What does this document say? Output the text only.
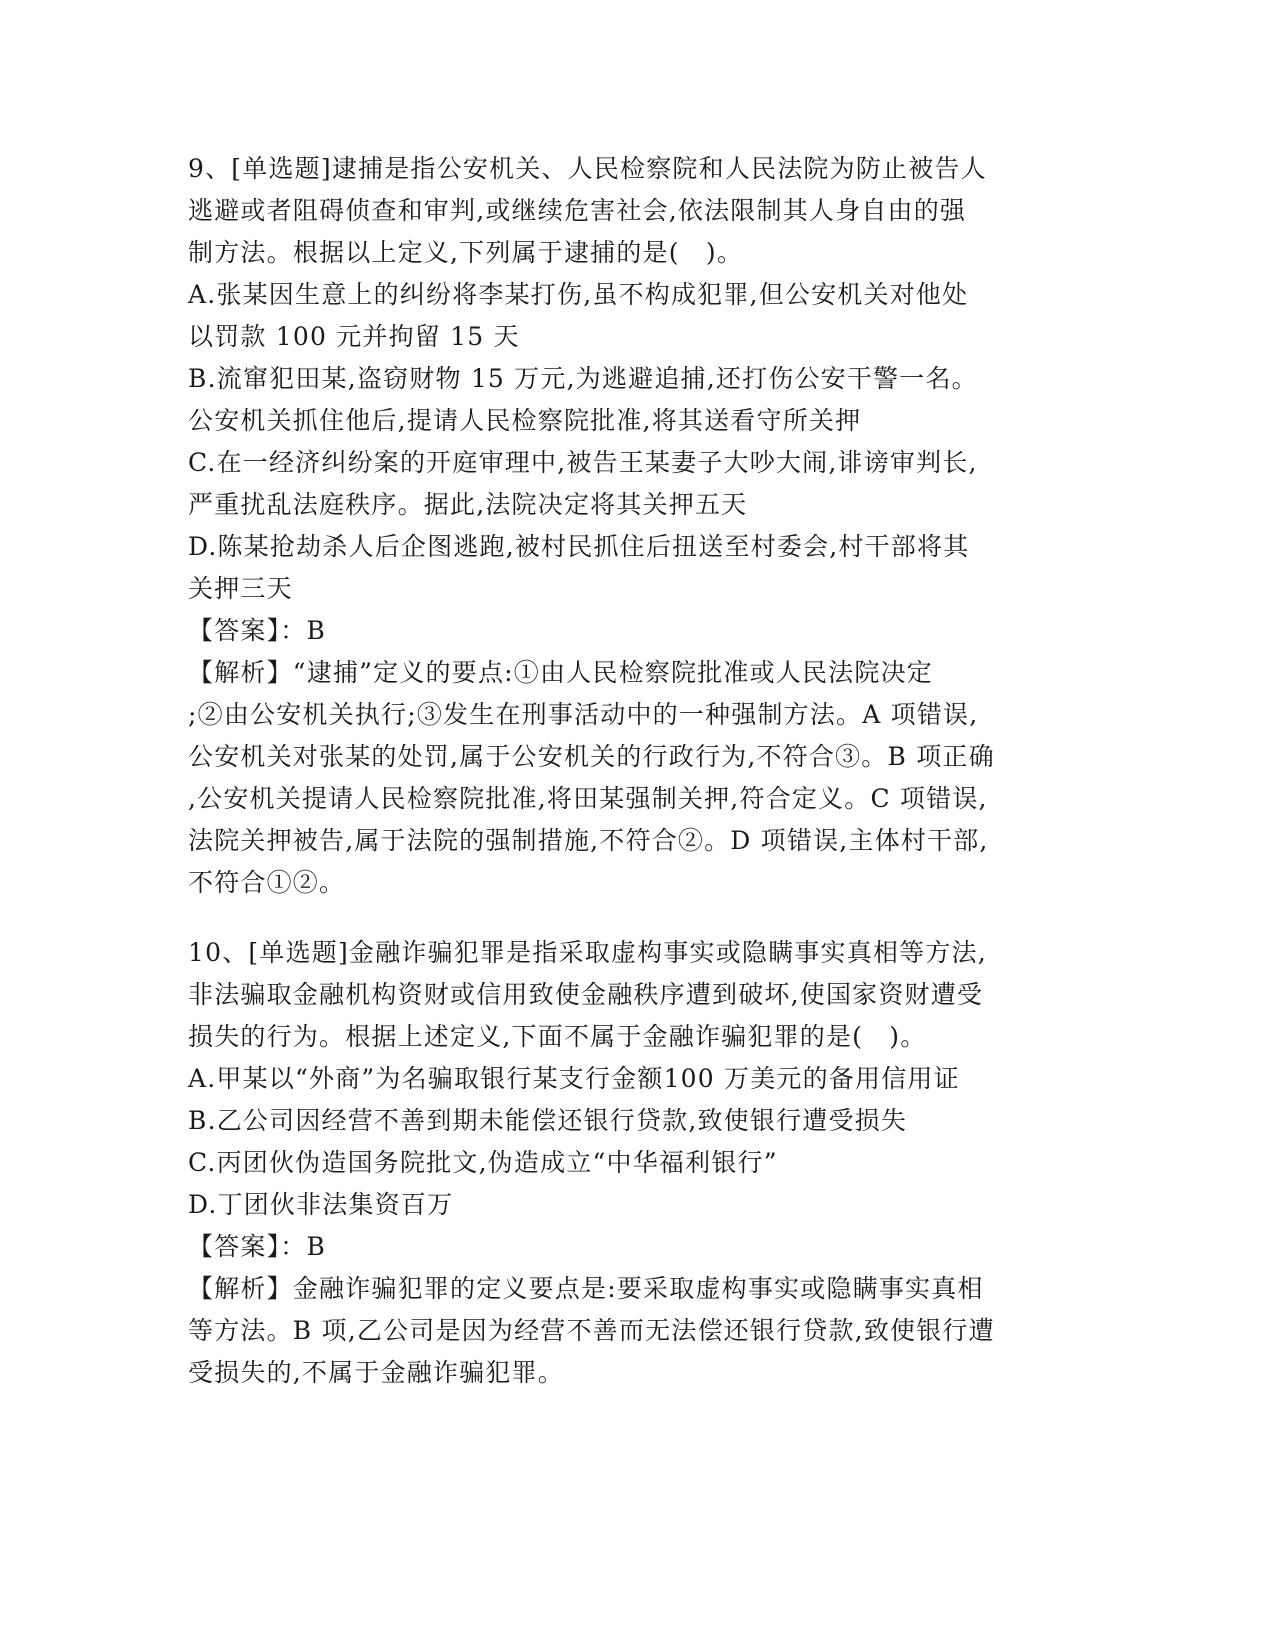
9、[单选题]逮捕是指公安机关、人民检察院和人民法院为防止被告人
逃避或者阻碍侦查和审判,或继续危害社会,依法限制其人身自由的强
制方法。根据以上定义,下列属于逮捕的是(　)。
A.张某因生意上的纠纷将李某打伤,虽不构成犯罪,但公安机关对他处
以罚款 100 元并拘留 15 天
B.流窜犯田某,盗窃财物 15 万元,为逃避追捕,还打伤公安干警一名。
公安机关抓住他后,提请人民检察院批准,将其送看守所关押
C.在一经济纠纷案的开庭审理中,被告王某妻子大吵大闹,诽谤审判长,
严重扰乱法庭秩序。据此,法院决定将其关押五天
D.陈某抢劫杀人后企图逃跑,被村民抓住后扭送至村委会,村干部将其
关押三天
【答案】：B
【解析】“逮捕”定义的要点:①由人民检察院批准或人民法院决定
;②由公安机关执行;③发生在刑事活动中的一种强制方法。A 项错误,
公安机关对张某的处罚,属于公安机关的行政行为,不符合③。B 项正确
,公安机关提请人民检察院批准,将田某强制关押,符合定义。C 项错误,
法院关押被告,属于法院的强制措施,不符合②。D 项错误,主体村干部,
不符合①②。
10、[单选题]金融诈骗犯罪是指采取虚构事实或隐瞒事实真相等方法,
非法骗取金融机构资财或信用致使金融秩序遭到破坏,使国家资财遭受
损失的行为。根据上述定义,下面不属于金融诈骗犯罪的是(　)。
A.甲某以“外商”为名骗取银行某支行金额100 万美元的备用信用证
B.乙公司因经营不善到期未能偿还银行贷款,致使银行遭受损失
C.丙团伙伪造国务院批文,伪造成立“中华福利银行”
D.丁团伙非法集资百万
【答案】：B
【解析】金融诈骗犯罪的定义要点是:要采取虚构事实或隐瞒事实真相
等方法。B 项,乙公司是因为经营不善而无法偿还银行贷款,致使银行遭
受损失的,不属于金融诈骗犯罪。
